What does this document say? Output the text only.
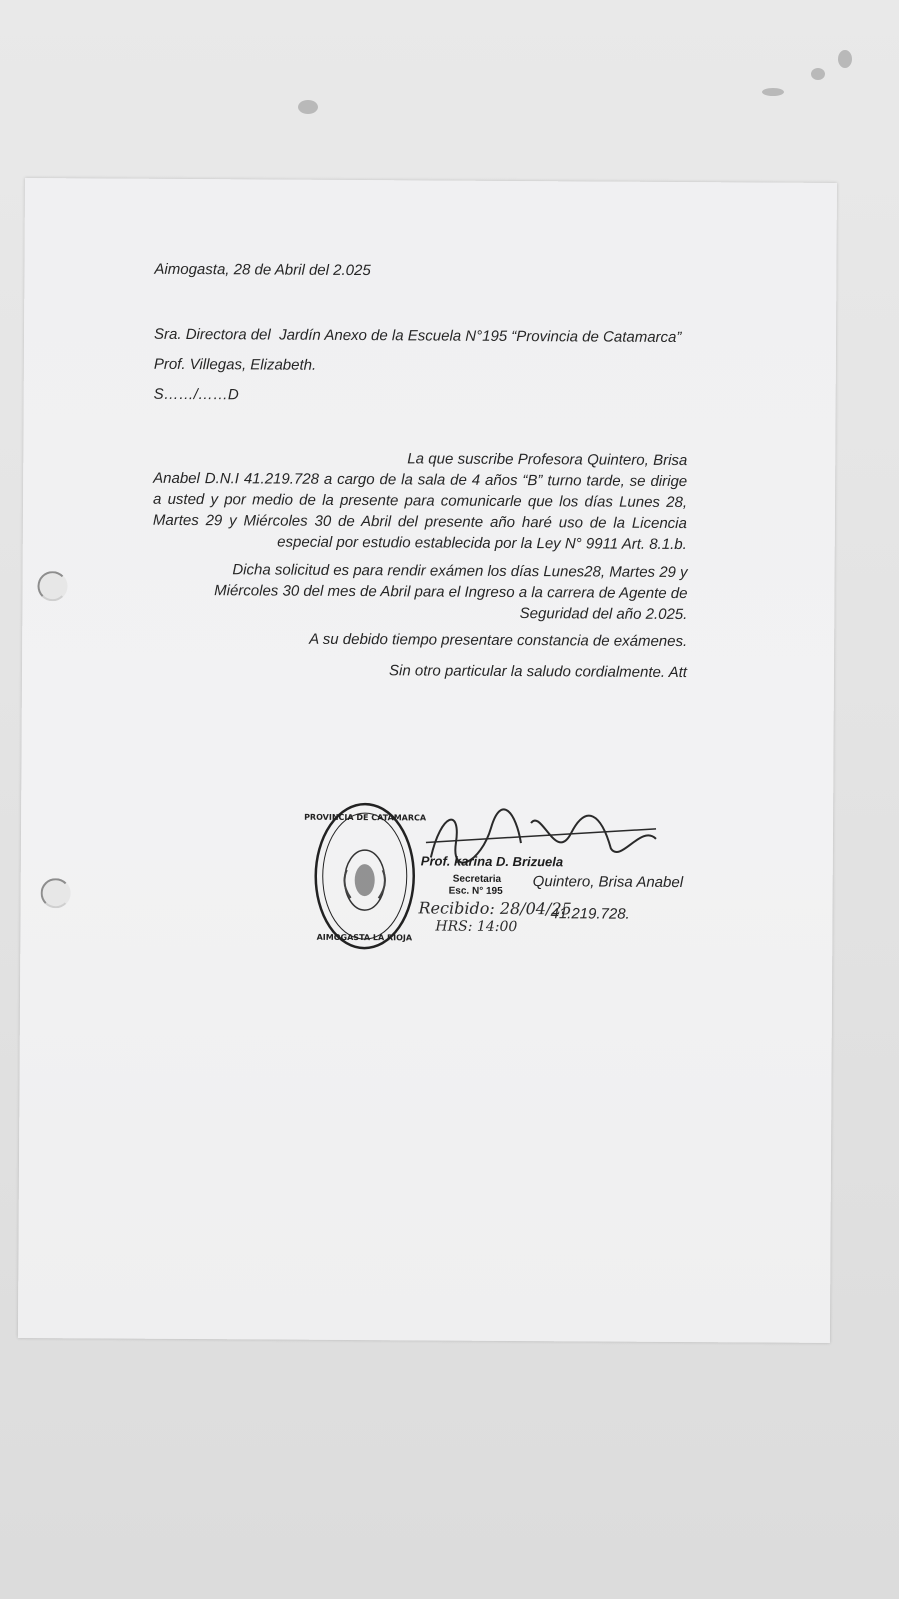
Aimogasta, 28 de Abril del 2.025

Sra. Directora del  Jardín Anexo de la Escuela N°195 “Provincia de Catamarca”

Prof. Villegas, Elizabeth.

S……/……D

La que suscribe Profesora Quintero, Brisa Anabel D.N.I 41.219.728 a cargo de la sala de 4 años “B” turno tarde, se dirige a usted y por medio de la presente para comunicarle que los días Lunes 28, Martes 29 y Miércoles 30 de Abril del presente año haré uso de la Licencia especial por estudio establecida por la Ley N° 9911 Art. 8.1.b.

Dicha solicitud es para rendir exámen los días Lunes28, Martes 29 y Miércoles 30 del mes de Abril para el Ingreso a la carrera de Agente de Seguridad del año 2.025.

A su debido tiempo presentare constancia de exámenes.

Sin otro particular la saludo cordialmente. Att

PROVINCIA DE CATAMARCA
AIMOGASTA LA RIOJA

Prof. karina D. Brizuela

Secretaria

Esc. N° 195

Quintero, Brisa Anabel

41.219.728.

Recibido: 28/04/25

HRS: 14:00
